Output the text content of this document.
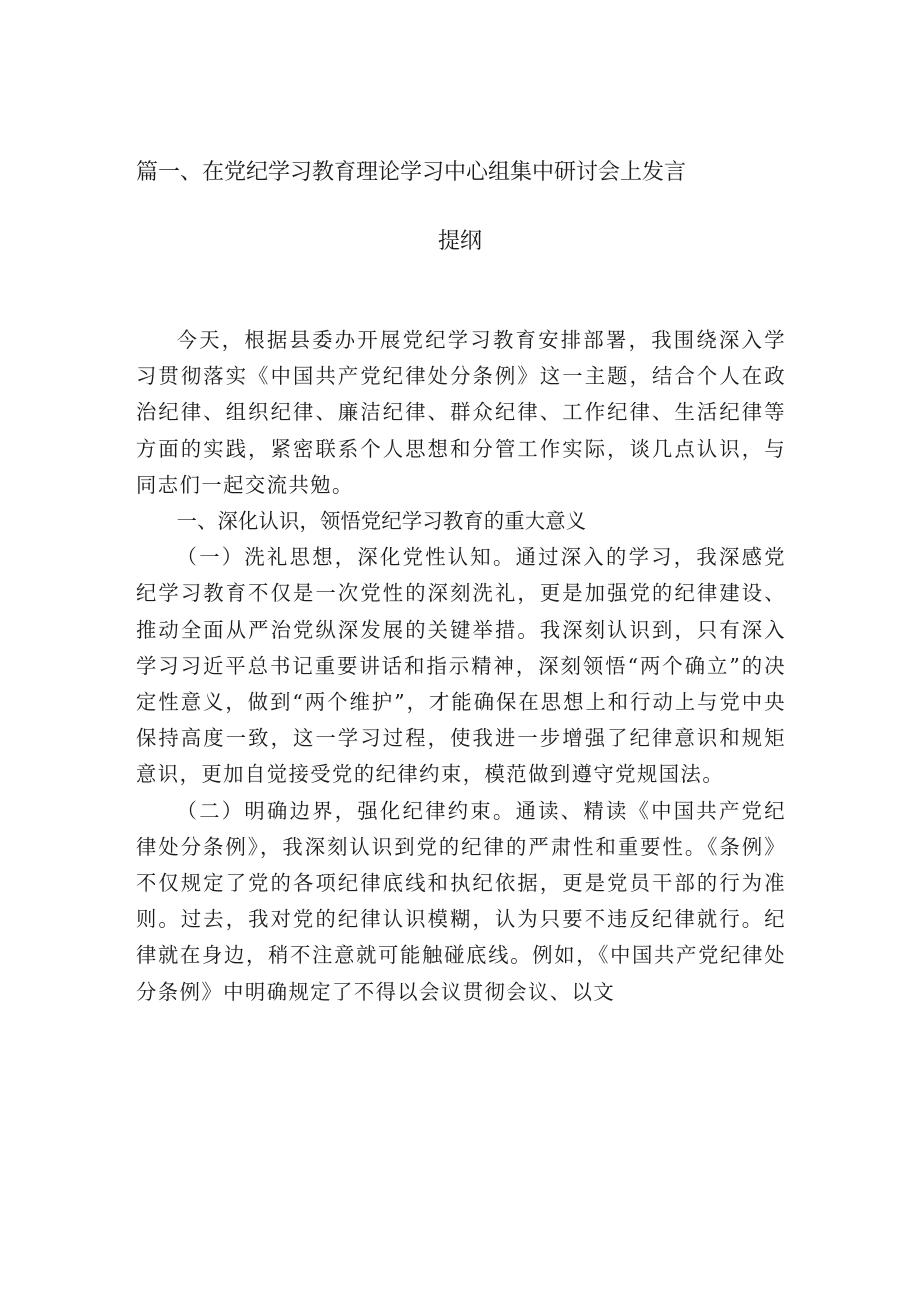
篇一、在党纪学习教育理论学习中心组集中研讨会上发言
提纲

今天，根据县委办开展党纪学习教育安排部署，我围绕深入学习贯彻落实《中国共产党纪律处分条例》这一主题，结合个人在政治纪律、组织纪律、廉洁纪律、群众纪律、工作纪律、生活纪律等方面的实践，紧密联系个人思想和分管工作实际，谈几点认识，与同志们一起交流共勉。

一、深化认识，领悟党纪学习教育的重大意义

（一）洗礼思想，深化党性认知。通过深入的学习，我深感党纪学习教育不仅是一次党性的深刻洗礼，更是加强党的纪律建设、推动全面从严治党纵深发展的关键举措。我深刻认识到，只有深入学习习近平总书记重要讲话和指示精神，深刻领悟“两个确立”的决定性意义，做到“两个维护”，才能确保在思想上和行动上与党中央保持高度一致，这一学习过程，使我进一步增强了纪律意识和规矩意识，更加自觉接受党的纪律约束，模范做到遵守党规国法。

（二）明确边界，强化纪律约束。通读、精读《中国共产党纪律处分条例》，我深刻认识到党的纪律的严肃性和重要性。《条例》不仅规定了党的各项纪律底线和执纪依据，更是党员干部的行为准则。过去，我对党的纪律认识模糊，认为只要不违反纪律就行。纪律就在身边，稍不注意就可能触碰底线。例如，《中国共产党纪律处分条例》中明确规定了不得以会议贯彻会议、以文
